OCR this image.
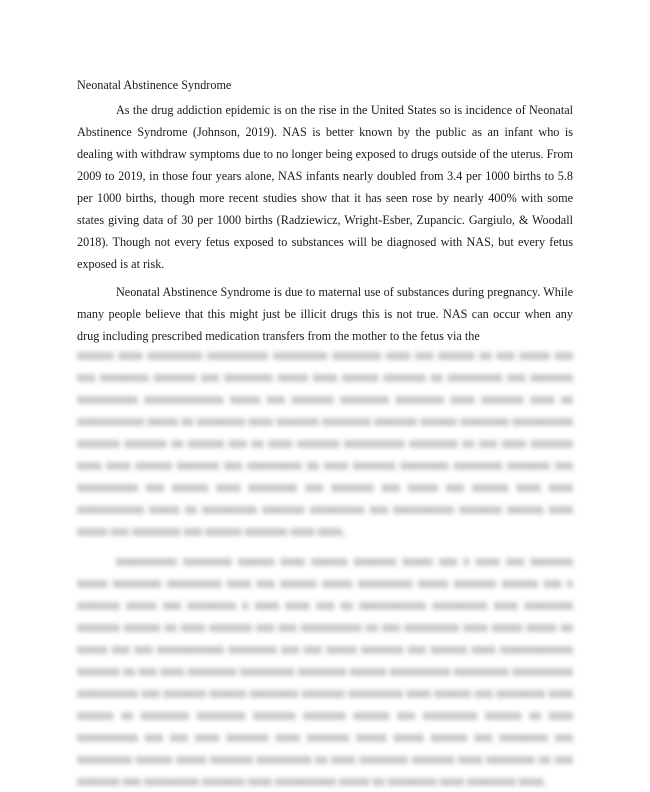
Neonatal Abstinence Syndrome

As the drug addiction epidemic is on the rise in the United States so is incidence of Neonatal Abstinence Syndrome (Johnson, 2019). NAS is better known by the public as an infant who is dealing with withdraw symptoms due to no longer being exposed to drugs outside of the uterus. From 2009 to 2019, in those four years alone, NAS infants nearly doubled from 3.4 per 1000 births to 5.8 per 1000 births, though more recent studies show that it has seen rose by nearly 400% with some states giving data of 30 per 1000 births (Radziewicz, Wright-Esber, Zupancic. Gargiulo, & Woodall 2018). Though not every fetus exposed to substances will be diagnosed with NAS, but every fetus exposed is at risk.

Neonatal Abstinence Syndrome is due to maternal use of substances during pregnancy. While many people believe that this might just be illicit drugs this is not true. NAS can occur when any drug including prescribed medication transfers from the mother to the fetus via the

xxxxxx xxxx xxxxxxxxx xxxxxxxxxx xxxxxxxxx xxxxxxxx xxxx xxx xxxxxx xx xxx xxxxx xxx xxx xxxxxxxx xxxxxxx xxx xxxxxxxx xxxxx xxxx xxxxxx xxxxxxx xx xxxxxxxxx xxx xxxxxxx xxxxxxxxxx xxxxxxxxxxxxx xxxxx xxx xxxxxxx xxxxxxxx xxxxxxxx xxxx xxxxxxx xxxx xx xxxxxxxxxxx xxxxx xx xxxxxxxx xxxx xxxxxxx xxxxxxxx xxxxxxx xxxxxx xxxxxxxx xxxxxxxxxx xxxxxxx xxxxxxx xx xxxxxx xxx xx xxxx xxxxxxx xxxxxxxxxx xxxxxxxx xx xxx xxxx xxxxxxx xxxx xxxx xxxxxx xxxxxxx xxx xxxxxxxxx xx xxxx xxxxxxx xxxxxxxx xxxxxxxx xxxxxxx xxx xxxxxxxxxx xxx xxxxxx xxxx xxxxxxxx xxx xxxxxxx xxx xxxxx xxx xxxxxx xxxx xxxx xxxxxxxxxxx xxxxx xx xxxxxxxxx xxxxxxx xxxxxxxxx xxx xxxxxxxxxx xxxxxxx xxxxxx xxxx xxxxx xxx xxxxxxxx xxx xxxxxx xxxxxxx xxxx xxxx.

xxxxxxxxxx xxxxxxxx xxxxxx xxxx xxxxxx xxxxxxx xxxxx xxx x xxxx xxx xxxxxxx xxxxx xxxxxxxx xxxxxxxxx xxxx xxx xxxxxx xxxxx xxxxxxxxx xxxxx xxxxxxx xxxxxx xxx x xxxxxxx xxxxx xxx xxxxxxxx x xxxx xxxx xxx xx xxxxxxxxxxx xxxxxxxxx xxxx xxxxxxxx xxxxxxx xxxxxx xx xxxx xxxxxxx xxx xxx xxxxxxxxxx xx xxx xxxxxxxxx xxxx xxxxx xxxxx xx xxxxx xxx xxx xxxxxxxxxxx xxxxxxxx xxx xxx xxxxx xxxxxxx xxx xxxxxx xxxx xxxxxxxxxxxx xxxxxxx xx xxx xxxx xxxxxxxx xxxxxxxxx xxxxxxxx xxxxxx xxxxxxxxxx xxxxxxxxx xxxxxxxxxx xxxxxxxxxx xxx xxxxxxx xxxxxx xxxxxxxx xxxxxxx xxxxxxxxx xxxx xxxxxx xxx xxxxxxxx xxxx xxxxxx xx xxxxxxxx xxxxxxxx xxxxxxx xxxxxxx xxxxxx xxx xxxxxxxxx xxxxxx xx xxxx xxxxxxxxxx xxx xxx xxxx xxxxxxx xxxx xxxxxxx xxxxx xxxxx xxxxxx xxx xxxxxxxx xxx xxxxxxxxx xxxxxx xxxxx xxxxxxx xxxxxxxxx xx xxxx xxxxxxxx xxxxxxx xxxx xxxxxxxx xx xxx xxxxxxx xxx xxxxxxxxx xxxxxxx xxxx xxxxxxxxxx xxxxx xx xxxxxxxx xxxx xxxxxxxx xxxx.
